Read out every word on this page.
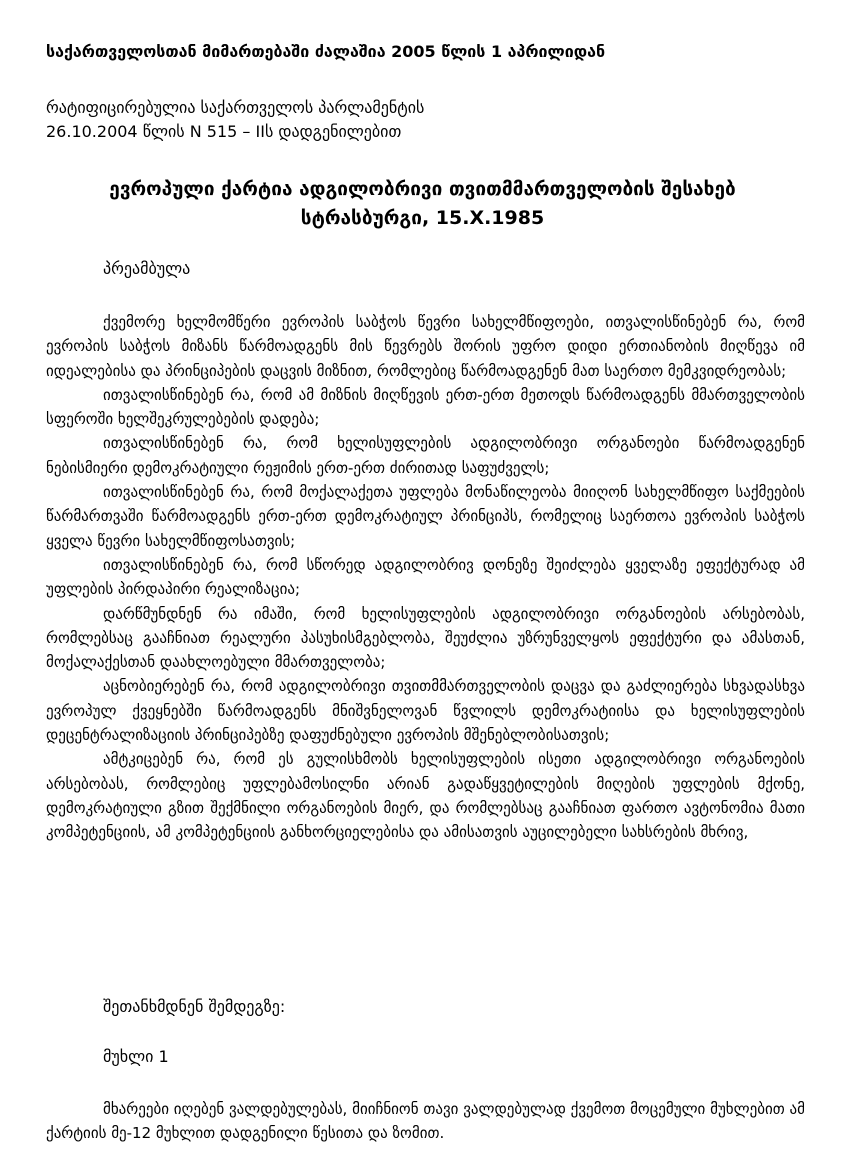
საქართველოსთან მიმართებაში ძალაშია 2005 წლის 1 აპრილიდან
რატიფიცირებულია საქართველოს პარლამენტის
26.10.2004 წლის N 515 – IIს დადგენილებით
ევროპული ქარტია ადგილობრივი თვითმმართველობის შესახებ
სტრასბურგი, 15.X.1985
პრეამბულა

ქვემორე ხელმომწერი ევროპის საბჭოს წევრი სახელმწიფოები, ითვალისწინებენ რა, რომ ევროპის საბჭოს მიზანს წარმოადგენს მის წევრებს შორის უფრო დიდი ერთიანობის მიღწევა იმ იდეალებისა და პრინციპების დაცვის მიზნით, რომლებიც წარმოადგენენ მათ საერთო მემკვიდრეობას;

ითვალისწინებენ რა, რომ ამ მიზნის მიღწევის ერთ-ერთ მეთოდს წარმოადგენს მმართველობის სფეროში ხელშეკრულებების დადება;

ითვალისწინებენ რა, რომ ხელისუფლების ადგილობრივი ორგანოები წარმოადგენენ ნებისმიერი დემოკრატიული რეჟიმის ერთ-ერთ ძირითად საფუძველს;

ითვალისწინებენ რა, რომ მოქალაქეთა უფლება მონაწილეობა მიიღონ სახელმწიფო საქმეების წარმართვაში წარმოადგენს ერთ-ერთ დემოკრატიულ პრინციპს, რომელიც საერთოა ევროპის საბჭოს ყველა წევრი სახელმწიფოსათვის;

ითვალისწინებენ რა, რომ სწორედ ადგილობრივ დონეზე შეიძლება ყველაზე ეფექტურად ამ უფლების პირდაპირი რეალიზაცია;

დარწმუნდნენ რა იმაში, რომ ხელისუფლების ადგილობრივი ორგანოების არსებობას, რომლებსაც გააჩნიათ რეალური პასუხისმგებლობა, შეუძლია უზრუნველყოს ეფექტური და ამასთან, მოქალაქესთან დაახლოებული მმართველობა;

აცნობიერებენ რა, რომ ადგილობრივი თვითმმართველობის დაცვა და გაძლიერება სხვადასხვა ევროპულ ქვეყნებში წარმოადგენს მნიშვნელოვან წვლილს დემოკრატიისა და ხელისუფლების დეცენტრალიზაციის პრინციპებზე დაფუძნებული ევროპის მშენებლობისათვის;

ამტკიცებენ რა, რომ ეს გულისხმობს ხელისუფლების ისეთი ადგილობრივი ორგანოების არსებობას, რომლებიც უფლებამოსილნი არიან გადაწყვეტილების მიღების უფლების მქონე, დემოკრატიული გზით შექმნილი ორგანოების მიერ, და რომლებსაც გააჩნიათ ფართო ავტონომია მათი კომპეტენციის, ამ კომპეტენციის განხორციელებისა და ამისათვის აუცილებელი სახსრების მხრივ,

შეთანხმდნენ შემდეგზე:
მუხლი 1

მხარეები იღებენ ვალდებულებას, მიიჩნიონ თავი ვალდებულად ქვემოთ მოცემული მუხლებით ამ ქარტიის მე-12 მუხლით დადგენილი წესითა და ზომით.
